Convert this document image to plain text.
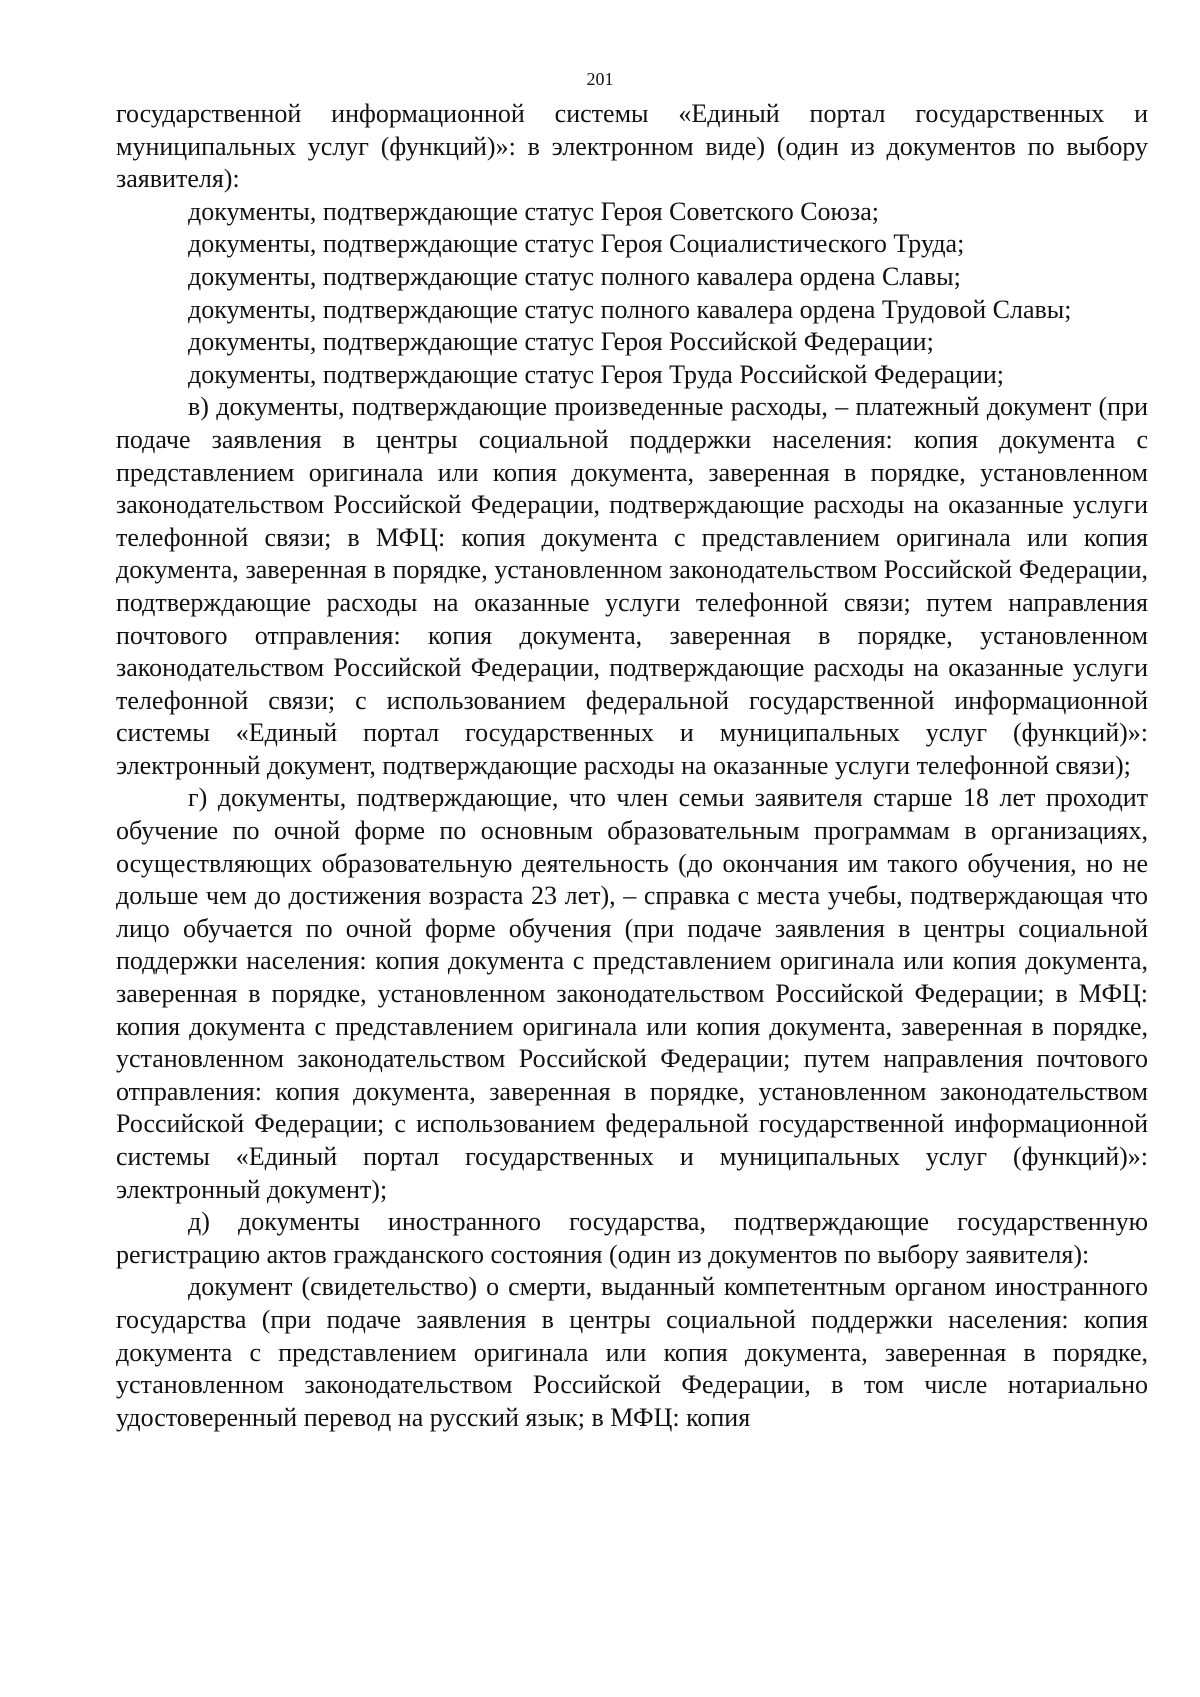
201

государственной информационной системы «Единый портал государственных и муниципальных услуг (функций)»: в электронном виде) (один из документов по выбору заявителя):

документы, подтверждающие статус Героя Советского Союза;

документы, подтверждающие статус Героя Социалистического Труда;

документы, подтверждающие статус полного кавалера ордена Славы;

документы, подтверждающие статус полного кавалера ордена Трудовой Славы;

документы, подтверждающие статус Героя Российской Федерации;

документы, подтверждающие статус Героя Труда Российской Федерации;

в) документы, подтверждающие произведенные расходы, – платежный документ (при подаче заявления в центры социальной поддержки населения: копия документа с представлением оригинала или копия документа, заверенная в порядке, установленном законодательством Российской Федерации, подтверждающие расходы на оказанные услуги телефонной связи; в МФЦ: копия документа с представлением оригинала или копия документа, заверенная в порядке, установленном законодательством Российской Федерации, подтверждающие расходы на оказанные услуги телефонной связи; путем направления почтового отправления: копия документа, заверенная в порядке, установленном законодательством Российской Федерации, подтверждающие расходы на оказанные услуги телефонной связи; с использованием федеральной государственной информационной системы «Единый портал государственных и муниципальных услуг (функций)»: электронный документ, подтверждающие расходы на оказанные услуги телефонной связи);

г) документы, подтверждающие, что член семьи заявителя старше 18 лет проходит обучение по очной форме по основным образовательным программам в организациях, осуществляющих образовательную деятельность (до окончания им такого обучения, но не дольше чем до достижения возраста 23 лет), – справка с места учебы, подтверждающая что лицо обучается по очной форме обучения (при подаче заявления в центры социальной поддержки населения: копия документа с представлением оригинала или копия документа, заверенная в порядке, установленном законодательством Российской Федерации; в МФЦ: копия документа с представлением оригинала или копия документа, заверенная в порядке, установленном законодательством Российской Федерации; путем направления почтового отправления: копия документа, заверенная в порядке, установленном законодательством Российской Федерации; с использованием федеральной государственной информационной системы «Единый портал государственных и муниципальных услуг (функций)»: электронный документ);

д) документы иностранного государства, подтверждающие государственную регистрацию актов гражданского состояния (один из документов по выбору заявителя):

документ (свидетельство) о смерти, выданный компетентным органом иностранного государства (при подаче заявления в центры социальной поддержки населения: копия документа с представлением оригинала или копия документа, заверенная в порядке, установленном законодательством Российской Федерации, в том числе нотариально удостоверенный перевод на русский язык; в МФЦ: копия
